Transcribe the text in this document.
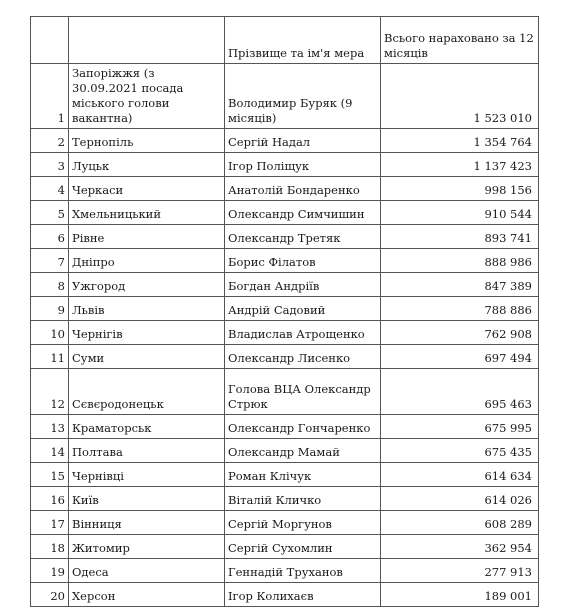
		Прізвище та ім'я мера	Всього нараховано за 12 місяців
1	Запоріжжя (з 30.09.2021 посада міського голови вакантна)	Володимир Буряк (9 місяців)	1 523 010
2	Тернопіль	Сергій Надал	1 354 764
3	Луцьк	Ігор Поліщук	1 137 423
4	Черкаси	Анатолій Бондаренко	998 156
5	Хмельницький	Олександр Симчишин	910 544
6	Рівне	Олександр Третяк	893 741
7	Дніпро	Борис Філатов	888 986
8	Ужгород	Богдан Андріїв	847 389
9	Львів	Андрій Садовий	788 886
10	Чернігів	Владислав Атрощенко	762 908
11	Суми	Олександр Лисенко	697 494
12	Сєвєродонецьк	Голова ВЦА Олександр Стрюк	695 463
13	Краматорськ	Олександр Гончаренко	675 995
14	Полтава	Олександр Мамай	675 435
15	Чернівці	Роман Клічук	614 634
16	Київ	Віталій Кличко	614 026
17	Вінниця	Сергій Моргунов	608 289
18	Житомир	Сергій Сухомлин	362 954
19	Одеса	Геннадій Труханов	277 913
20	Херсон	Ігор Колихаєв	189 001
